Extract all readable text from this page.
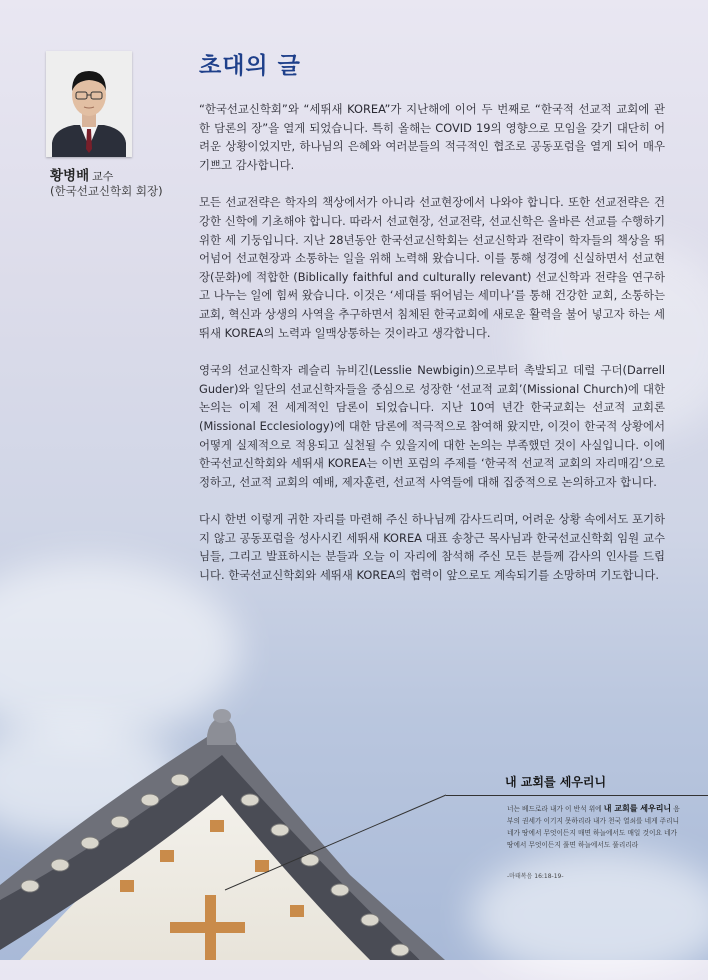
황병배 교수
(한국선교신학회 회장)
초대의 글

“한국선교신학회”와 “세뛰새 KOREA”가 지난해에 이어 두 번째로 “한국적 선교적 교회에 관한 담론의 장”을 열게 되었습니다. 특히 올해는 COVID 19의 영향으로 모임을 갖기 대단히 어려운 상황이었지만, 하나님의 은혜와 여러분들의 적극적인 협조로 공동포럼을 열게 되어 매우 기쁘고 감사합니다.

모든 선교전략은 학자의 책상에서가 아니라 선교현장에서 나와야 합니다. 또한 선교전략은 건강한 신학에 기초해야 합니다. 따라서 선교현장, 선교전략, 선교신학은 올바른 선교를 수행하기 위한 세 기둥입니다. 지난 28년동안 한국선교신학회는 선교신학과 전략이 학자들의 책상을 뛰어넘어 선교현장과 소통하는 일을 위해 노력해 왔습니다. 이를 통해 성경에 신실하면서 선교현장(문화)에 적합한 (Biblically faithful and culturally relevant) 선교신학과 전략을 연구하고 나누는 일에 힘써 왔습니다. 이것은 ‘세대를 뛰어넘는 세미나’를 통해 건강한 교회, 소통하는 교회, 혁신과 상생의 사역을 추구하면서 침체된 한국교회에 새로운 활력을 불어 넣고자 하는 세뛰새 KOREA의 노력과 일맥상통하는 것이라고 생각합니다.

영국의 선교신학자 레슬리 뉴비긴(Lesslie Newbigin)으로부터 촉발되고 데럴 구더(Darrell Guder)와 일단의 선교신학자들을 중심으로 성장한 ‘선교적 교회’(Missional Church)에 대한 논의는 이제 전 세계적인 담론이 되었습니다. 지난 10여 년간 한국교회는 선교적 교회론(Missional Ecclesiology)에 대한 담론에 적극적으로 참여해 왔지만, 이것이 한국적 상황에서 어떻게 실제적으로 적용되고 실천될 수 있을지에 대한 논의는 부족했던 것이 사실입니다. 이에 한국선교신학회와 세뛰새 KOREA는 이번 포럼의 주제를 ‘한국적 선교적 교회의 자리매김’으로 정하고, 선교적 교회의 예배, 제자훈련, 선교적 사역들에 대해 집중적으로 논의하고자 합니다.

다시 한번 이렇게 귀한 자리를 마련해 주신 하나님께 감사드리며, 어려운 상황 속에서도 포기하지 않고 공동포럼을 성사시킨 세뛰새 KOREA 대표 송창근 목사님과 한국선교신학회 임원 교수님들, 그리고 발표하시는 분들과 오늘 이 자리에 참석해 주신 모든 분들께 감사의 인사를 드립니다. 한국선교신학회와 세뛰새 KOREA의 협력이 앞으로도 계속되기를 소망하며 기도합니다.

내 교회를 세우리니
너는 베드로라 내가 이 반석 위에 내 교회를 세우리니 음부의 권세가 이기지 못하리라 내가 천국 열쇠를 네게 주리니 네가 땅에서 무엇이든지 매면 하늘에서도 매일 것이요 네가 땅에서 무엇이든지 풀면 하늘에서도 풀리리라
-마태복음 16:18-19-
